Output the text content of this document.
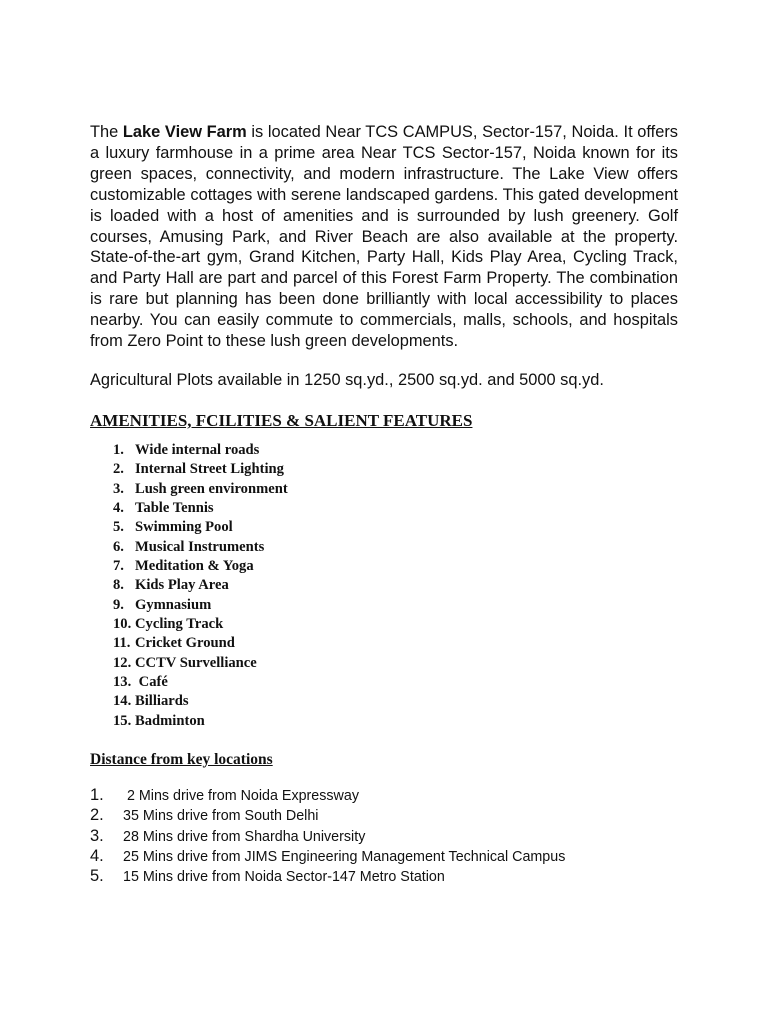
The Lake View Farm is located Near TCS CAMPUS, Sector-157, Noida. It offers a luxury farmhouse in a prime area Near TCS Sector-157, Noida known for its green spaces, connectivity, and modern infrastructure. The Lake View offers customizable cottages with serene landscaped gardens. This gated development is loaded with a host of amenities and is surrounded by lush greenery. Golf courses, Amusing Park, and River Beach are also available at the property. State-of-the-art gym, Grand Kitchen, Party Hall, Kids Play Area, Cycling Track, and Party Hall are part and parcel of this Forest Farm Property. The combination is rare but planning has been done brilliantly with local accessibility to places nearby. You can easily commute to commercials, malls, schools, and hospitals from Zero Point to these lush green developments.

Agricultural Plots available in 1250 sq.yd., 2500 sq.yd. and 5000 sq.yd.

AMENITIES, FCILITIES & SALIENT FEATURES
1. Wide internal roads
2. Internal Street Lighting
3. Lush green environment
4. Table Tennis
5. Swimming Pool
6. Musical Instruments
7. Meditation & Yoga
8. Kids Play Area
9. Gymnasium
10. Cycling Track
11. Cricket Ground
12. CCTV Survelliance
13. Café
14. Billiards
15. Badminton
Distance from key locations
1.	2 Mins drive from Noida Expressway
2.	35 Mins drive from South Delhi
3.	28 Mins drive from Shardha University
4.	25 Mins drive from JIMS Engineering Management Technical Campus
5.	15 Mins drive from Noida Sector-147 Metro Station
